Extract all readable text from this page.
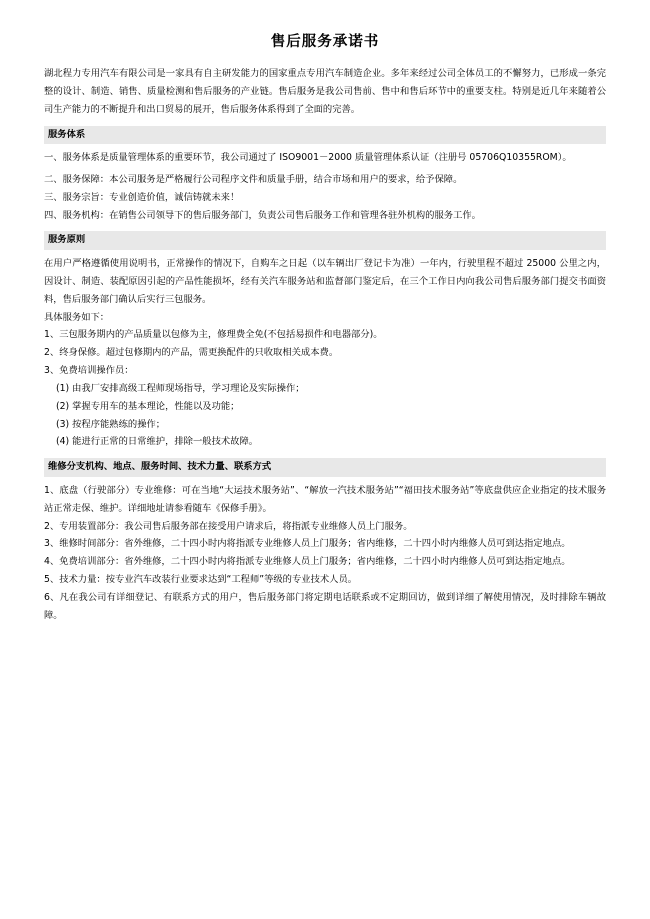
售后服务承诺书

湖北程力专用汽车有限公司是一家具有自主研发能力的国家重点专用汽车制造企业。多年来经过公司全体员工的不懈努力，已形成一条完整的设计、制造、销售、质量检测和售后服务的产业链。售后服务是我公司售前、售中和售后环节中的重要支柱。特别是近几年来随着公司生产能力的不断提升和出口贸易的展开，售后服务体系得到了全面的完善。

服务体系

一、服务体系是质量管理体系的重要环节，我公司通过了 ISO9001－2000 质量管理体系认证（注册号 05706Q10355ROM）。

二、服务保障：本公司服务是严格履行公司程序文件和质量手册，结合市场和用户的要求，给予保障。

三、服务宗旨：专业创造价值，诚信铸就未来！

四、服务机构：在销售公司领导下的售后服务部门，负责公司售后服务工作和管理各驻外机构的服务工作。

服务原则

在用户严格遵循使用说明书，正常操作的情况下，自购车之日起（以车辆出厂登记卡为准）一年内，行驶里程不超过 25000 公里之内，因设计、制造、装配原因引起的产品性能损坏，经有关汽车服务站和监督部门鉴定后，在三个工作日内向我公司售后服务部门提交书面资料，售后服务部门确认后实行三包服务。

具体服务如下：

1、三包服务期内的产品质量以包修为主，修理费全免(不包括易损件和电器部分)。

2、终身保修。超过包修期内的产品，需更换配件的只收取相关成本费。

3、免费培训操作员：

(1) 由我厂安排高级工程师现场指导，学习理论及实际操作；

(2) 掌握专用车的基本理论，性能以及功能；

(3) 按程序能熟练的操作；

(4) 能进行正常的日常维护，排除一般技术故障。

维修分支机构、地点、服务时间、技术力量、联系方式

1、底盘（行驶部分）专业维修：可在当地“大运技术服务站”、“解放一汽技术服务站”“福田技术服务站”等底盘供应企业指定的技术服务站正常走保、维护。详细地址请参看随车《保修手册》。

2、专用装置部分：我公司售后服务部在接受用户请求后，将指派专业维修人员上门服务。

3、维修时间部分：省外维修，二十四小时内将指派专业维修人员上门服务；省内维修，二十四小时内维修人员可到达指定地点。

4、免费培训部分：省外维修，二十四小时内将指派专业维修人员上门服务；省内维修，二十四小时内维修人员可到达指定地点。

5、技术力量：按专业汽车改装行业要求达到“工程师”等级的专业技术人员。

6、凡在我公司有详细登记、有联系方式的用户，售后服务部门将定期电话联系或不定期回访，做到详细了解使用情况，及时排除车辆故障。
